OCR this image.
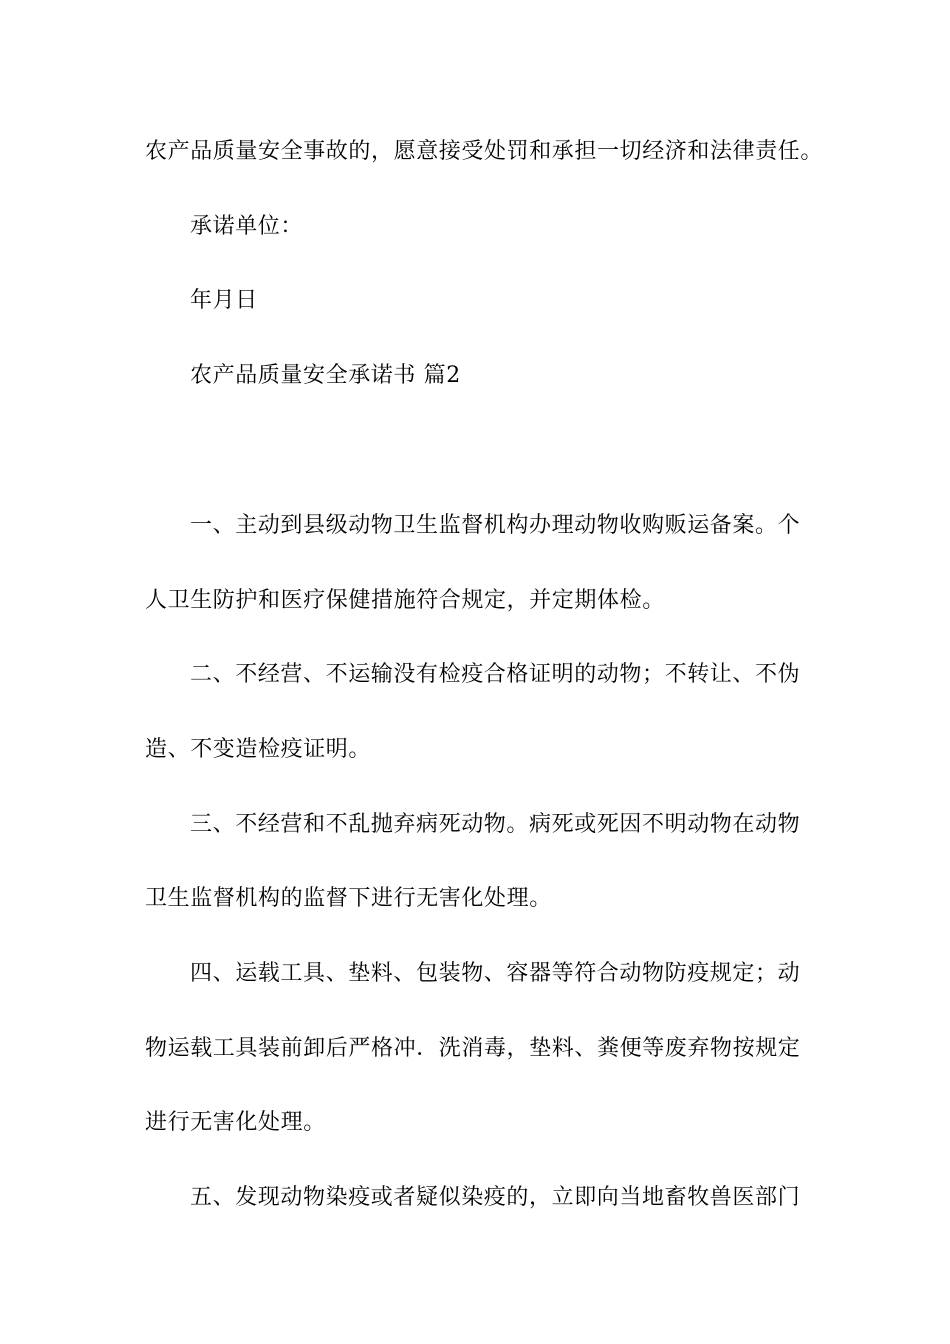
农产品质量安全事故的，愿意接受处罚和承担一切经济和法律责任。
承诺单位：
年月日
农产品质量安全承诺书 篇2
一、主动到县级动物卫生监督机构办理动物收购贩运备案。个
人卫生防护和医疗保健措施符合规定，并定期体检。
二、不经营、不运输没有检疫合格证明的动物；不转让、不伪
造、不变造检疫证明。
三、不经营和不乱抛弃病死动物。病死或死因不明动物在动物
卫生监督机构的监督下进行无害化处理。
四、运载工具、垫料、包装物、容器等符合动物防疫规定；动
物运载工具装前卸后严格冲．洗消毒，垫料、粪便等废弃物按规定
进行无害化处理。
五、发现动物染疫或者疑似染疫的，立即向当地畜牧兽医部门
